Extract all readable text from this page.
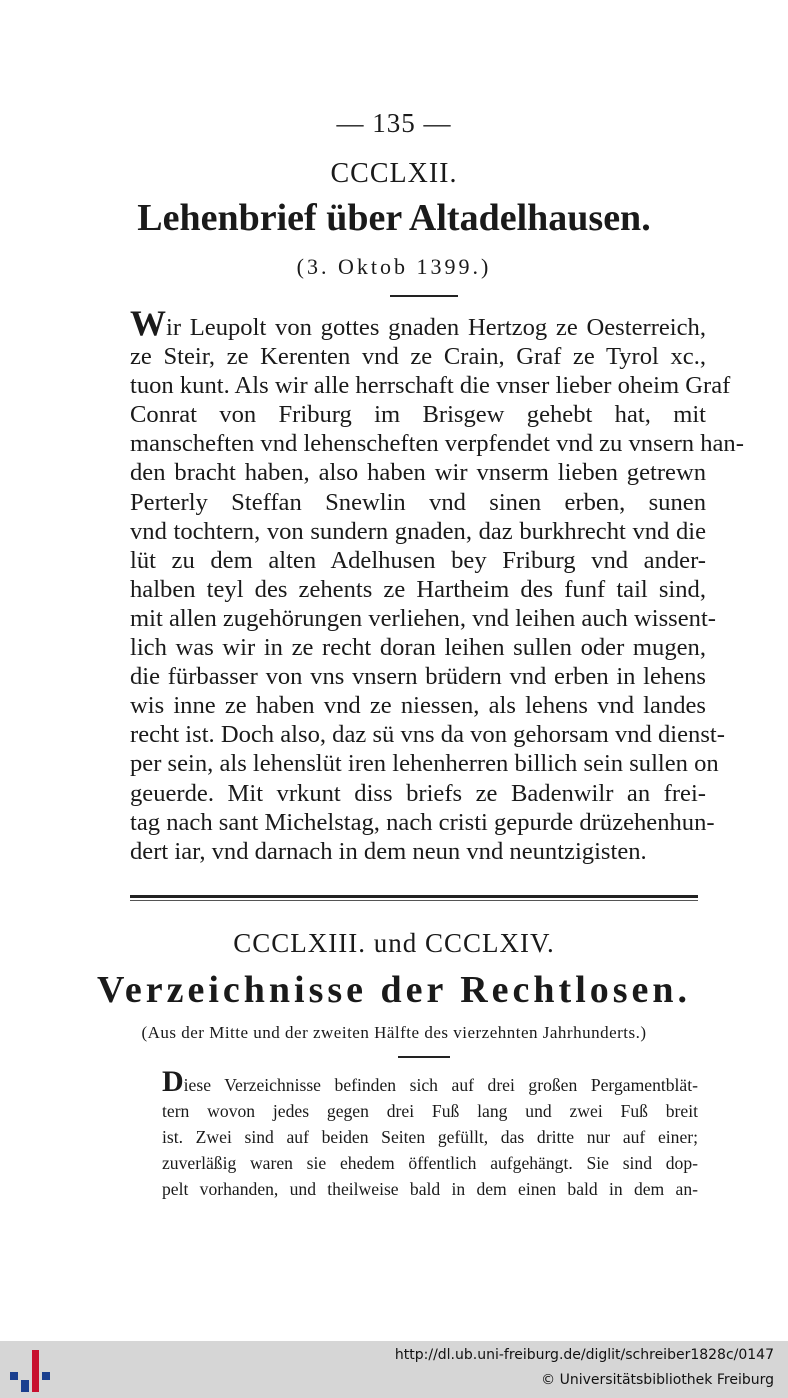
— 135 —
CCCLXII.
Lehenbrief über Altadelhausen.
(3. Oktob 1399.)
Wir Leupolt von gottes gnaden Hertzog ze Oesterreich,
ze Steir, ze Kerenten vnd ze Crain, Graf ze Tyrol xc.,
tuon kunt. Als wir alle herrschaft die vnser lieber oheim Graf
Conrat von Friburg im Brisgew gehebt hat, mit
manscheften vnd lehenscheften verpfendet vnd zu vnsern han-
den bracht haben, also haben wir vnserm lieben getrewn
Perterly Steffan Snewlin vnd sinen erben, sunen
vnd tochtern, von sundern gnaden, daz burkhrecht vnd die
lüt zu dem alten Adelhusen bey Friburg vnd ander-
halben teyl des zehents ze Hartheim des funf tail sind,
mit allen zugehörungen verliehen, vnd leihen auch wissent-
lich was wir in ze recht doran leihen sullen oder mugen,
die fürbasser von vns vnsern brüdern vnd erben in lehens
wis inne ze haben vnd ze niessen, als lehens vnd landes
recht ist. Doch also, daz sü vns da von gehorsam vnd dienst-
per sein, als lehenslüt iren lehenherren billich sein sullen on
geuerde. Mit vrkunt diss briefs ze Badenwilr an frei-
tag nach sant Michelstag, nach cristi gepurde drüzehenhun-
dert iar, vnd darnach in dem neun vnd neuntzigisten.
CCCLXIII. und CCCLXIV.
Verzeichnisse der Rechtlosen.
(Aus der Mitte und der zweiten Hälfte des vierzehnten Jahrhunderts.)
Diese Verzeichnisse befinden sich auf drei großen Pergamentblät-
tern wovon jedes gegen drei Fuß lang und zwei Fuß breit
ist. Zwei sind auf beiden Seiten gefüllt, das dritte nur auf einer;
zuverläßig waren sie ehedem öffentlich aufgehängt. Sie sind dop-
pelt vorhanden, und theilweise bald in dem einen bald in dem an-
http://dl.ub.uni-freiburg.de/diglit/schreiber1828c/0147
© Universitätsbibliothek Freiburg
